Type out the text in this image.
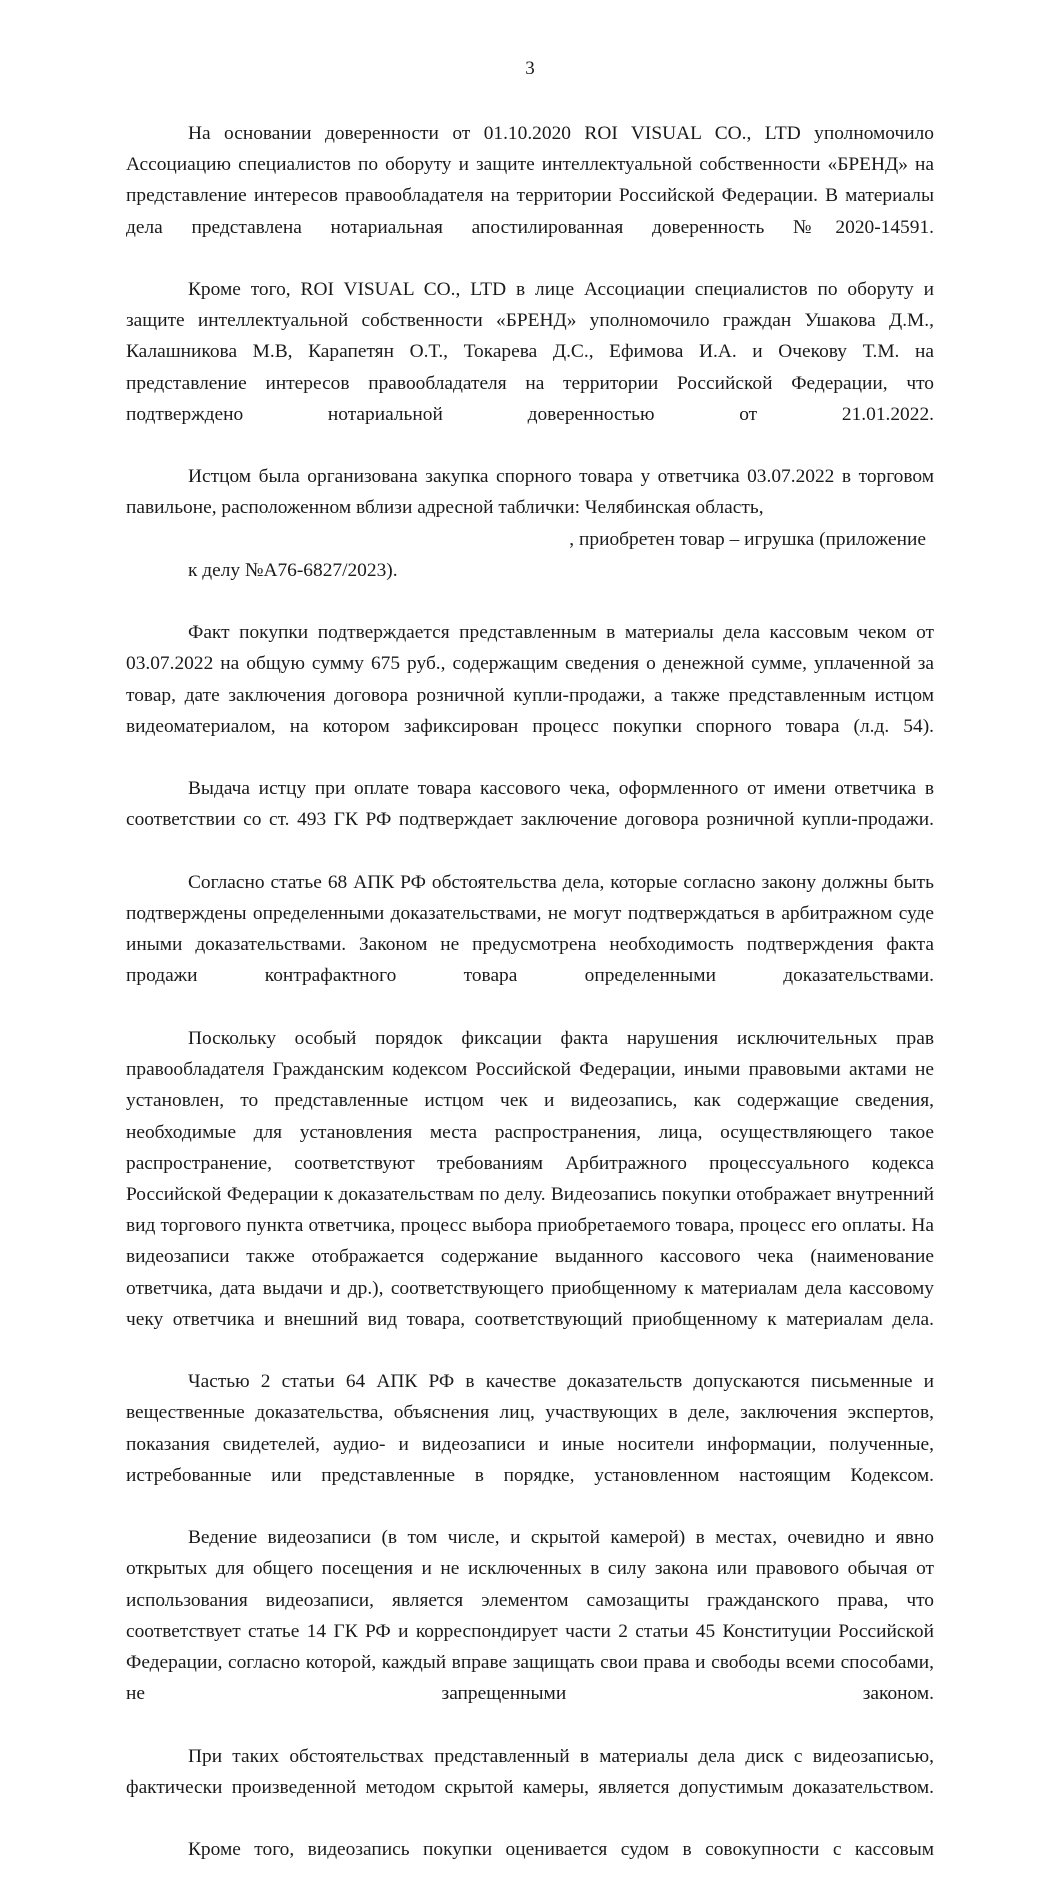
3

На основании доверенности от 01.10.2020 ROI VISUAL CO., LTD уполномочило Ассоциацию специалистов по оборуту и защите интеллектуальной собственности «БРЕНД» на представление интересов правообладателя на территории Российской Федерации. В материалы дела представлена нотариальная апостилированная доверенность №2020-14591.

Кроме того, ROI VISUAL CO., LTD в лице Ассоциации специалистов по оборуту и защите интеллектуальной собственности «БРЕНД» уполномочило граждан Ушакова Д.М., Калашникова М.В, Карапетян О.Т., Токарева Д.С., Ефимова И.А. и Очекову Т.М. на представление интересов правообладателя на территории Российской Федерации, что подтверждено нотариальной доверенностью от 21.01.2022.

Истцом была организована закупка спорного товара у ответчика 03.07.2022 в торговом павильоне, расположенном вблизи адресной таблички: Челябинская область,
, приобретен товар – игрушка (приложение
к делу №А76-6827/2023).

Факт покупки подтверждается представленным в материалы дела кассовым чеком от 03.07.2022 на общую сумму 675 руб., содержащим сведения о денежной сумме, уплаченной за товар, дате заключения договора розничной купли-продажи, а также представленным истцом видеоматериалом, на котором зафиксирован процесс покупки спорного товара (л.д. 54).

Выдача истцу при оплате товара кассового чека, оформленного от имени ответчика в соответствии со ст. 493 ГК РФ подтверждает заключение договора розничной купли-продажи.

Согласно статье 68 АПК РФ обстоятельства дела, которые согласно закону должны быть подтверждены определенными доказательствами, не могут подтверждаться в арбитражном суде иными доказательствами. Законом не предусмотрена необходимость подтверждения факта продажи контрафактного товара определенными доказательствами.

Поскольку особый порядок фиксации факта нарушения исключительных прав правообладателя Гражданским кодексом Российской Федерации, иными правовыми актами не установлен, то представленные истцом чек и видеозапись, как содержащие сведения, необходимые для установления места распространения, лица, осуществляющего такое распространение, соответствуют требованиям Арбитражного процессуального кодекса Российской Федерации к доказательствам по делу. Видеозапись покупки отображает внутренний вид торгового пункта ответчика, процесс выбора приобретаемого товара, процесс его оплаты. На видеозаписи также отображается содержание выданного кассового чека (наименование ответчика, дата выдачи и др.), соответствующего приобщенному к материалам дела кассовому чеку ответчика и внешний вид товара, соответствующий приобщенному к материалам дела.

Частью 2 статьи 64 АПК РФ в качестве доказательств допускаются письменные и вещественные доказательства, объяснения лиц, участвующих в деле, заключения экспертов, показания свидетелей, аудио- и видеозаписи и иные носители информации, полученные, истребованные или представленные в порядке, установленном настоящим Кодексом.

Ведение видеозаписи (в том числе, и скрытой камерой) в местах, очевидно и явно открытых для общего посещения и не исключенных в силу закона или правового обычая от использования видеозаписи, является элементом самозащиты гражданского права, что соответствует статье 14 ГК РФ и корреспондирует части 2 статьи 45 Конституции Российской Федерации, согласно которой, каждый вправе защищать свои права и свободы всеми способами, не запрещенными законом.

При таких обстоятельствах представленный в материалы дела диск с видеозаписью, фактически произведенной методом скрытой камеры, является допустимым доказательством.

Кроме того, видеозапись покупки оценивается судом в совокупности с кассовым
